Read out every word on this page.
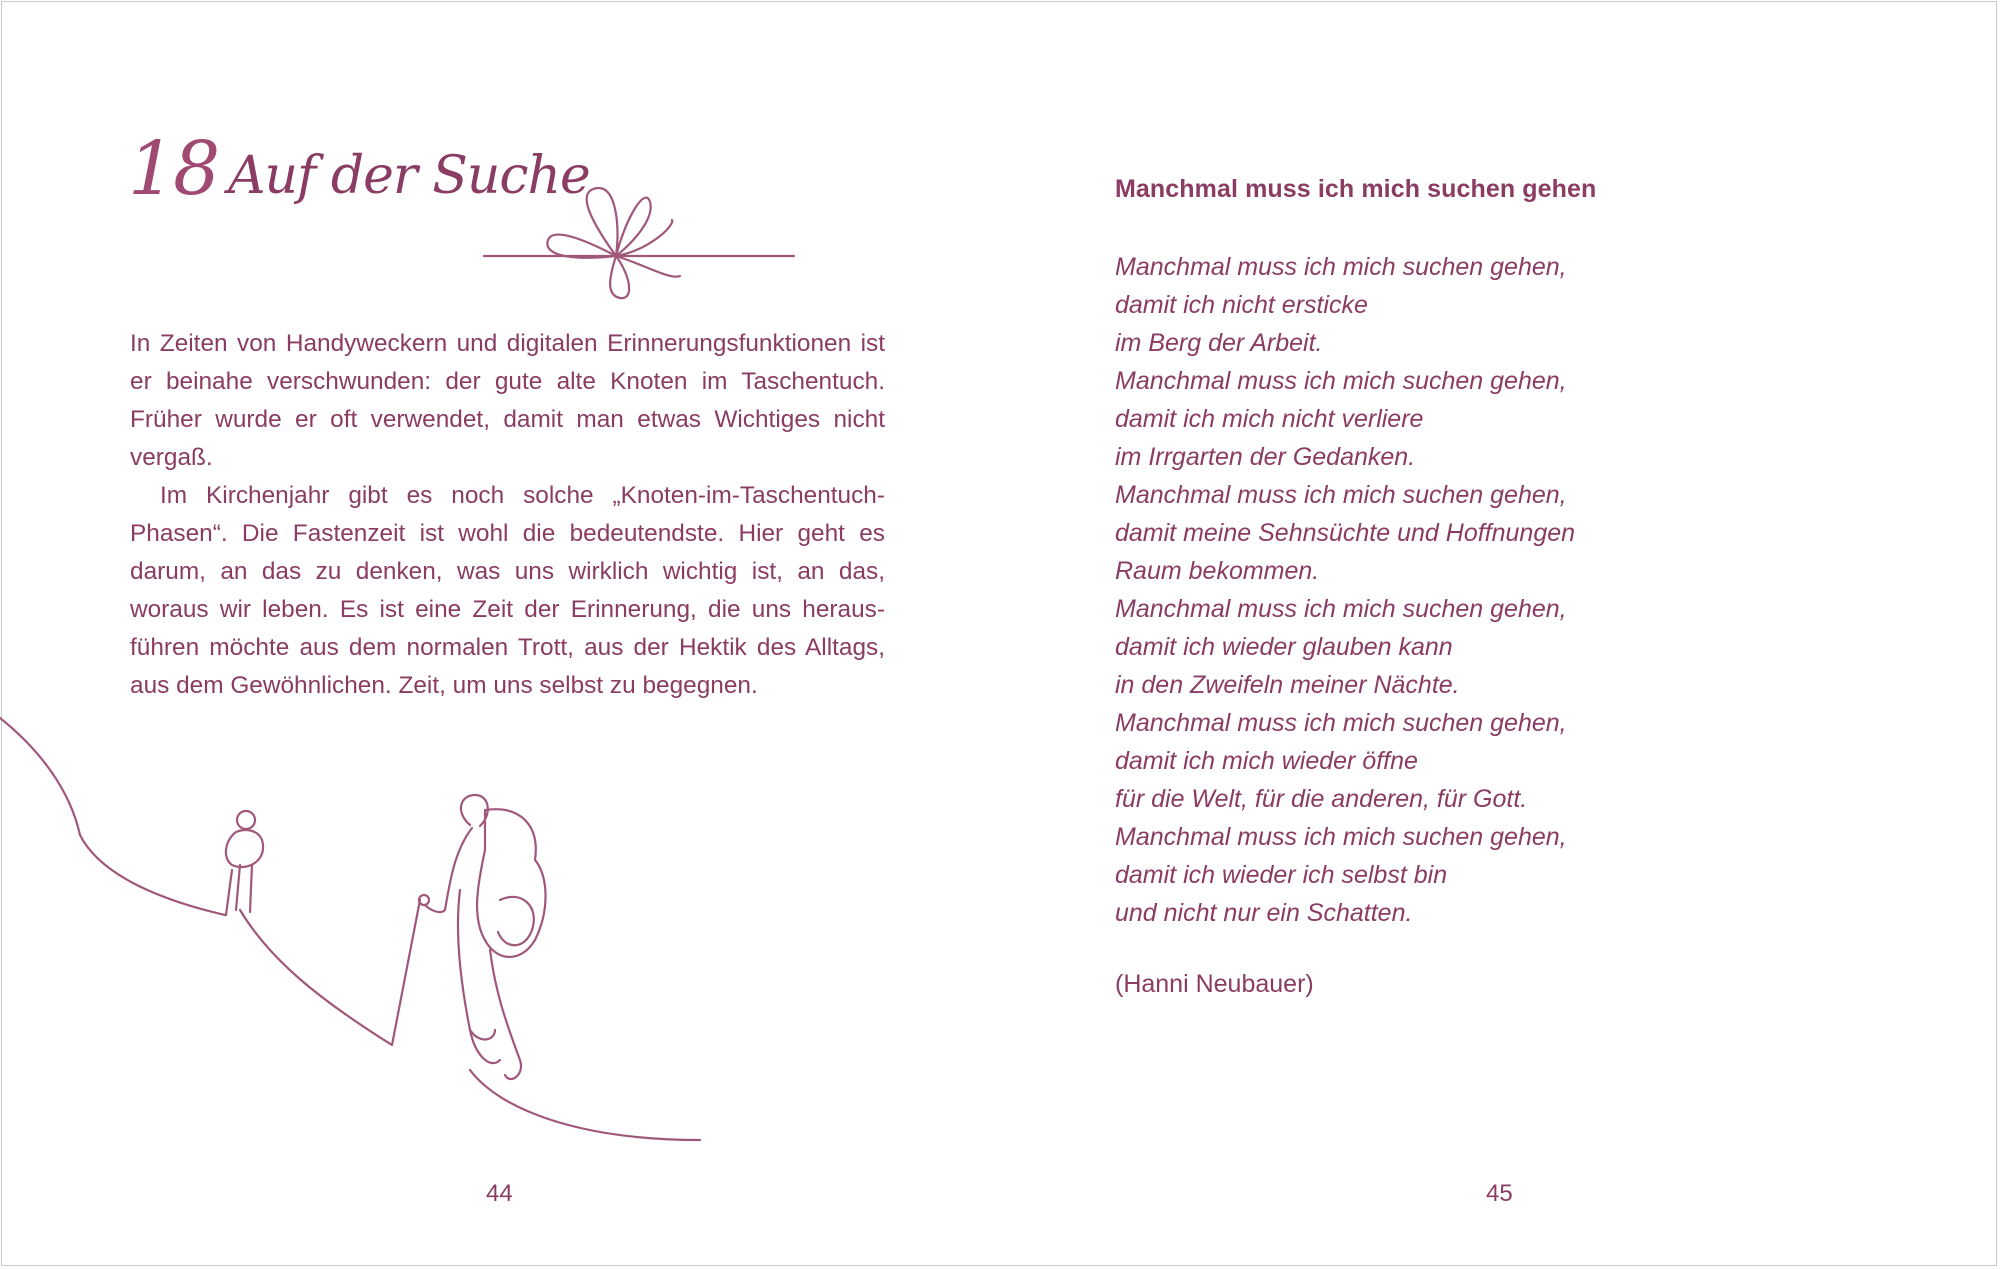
18 Auf der Suche

In Zeiten von Handyweckern und digitalen Erinnerungsfunktionen ist er beinahe verschwunden: der gute alte Knoten im Taschentuch. Früher wurde er oft verwendet, damit man etwas Wichtiges nicht vergaß.

Im Kirchenjahr gibt es noch solche „Knoten-im-Taschentuch-Phasen“. Die Fastenzeit ist wohl die bedeutendste. Hier geht es darum, an das zu denken, was uns wirklich wichtig ist, an das, woraus wir leben. Es ist eine Zeit der Erinnerung, die uns herausführen möchte aus dem normalen Trott, aus der Hektik des Alltags, aus dem Gewöhnlichen. Zeit, um uns selbst zu begegnen.

44	45
Manchmal muss ich mich suchen gehen
Manchmal muss ich mich suchen gehen,
damit ich nicht ersticke
im Berg der Arbeit.
Manchmal muss ich mich suchen gehen,
damit ich mich nicht verliere
im Irrgarten der Gedanken.
Manchmal muss ich mich suchen gehen,
damit meine Sehnsüchte und Hoffnungen
Raum bekommen.
Manchmal muss ich mich suchen gehen,
damit ich wieder glauben kann
in den Zweifeln meiner Nächte.
Manchmal muss ich mich suchen gehen,
damit ich mich wieder öffne
für die Welt, für die anderen, für Gott.
Manchmal muss ich mich suchen gehen,
damit ich wieder ich selbst bin
und nicht nur ein Schatten.
(Hanni Neubauer)
